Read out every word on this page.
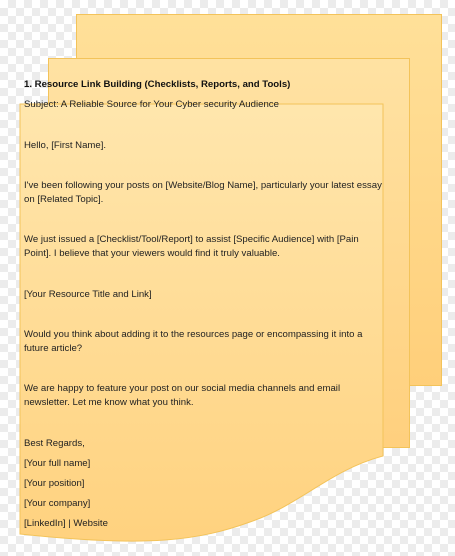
1. Resource Link Building (Checklists, Reports, and Tools)

Subject: A Reliable Source for Your Cyber security Audience

Hello, [First Name].

I've been following your posts on [Website/Blog Name], particularly your latest essay on [Related Topic].

We just issued a [Checklist/Tool/Report] to assist [Specific Audience] with [Pain Point]. I believe that your viewers would find it truly valuable.

[Your Resource Title and Link]

Would you think about adding it to the resources page or encompassing it into a future article?

We are happy to feature your post on our social media channels and email newsletter. Let me know what you think.

Best Regards,

[Your full name]

[Your position]

[Your company]

[LinkedIn] | Website
